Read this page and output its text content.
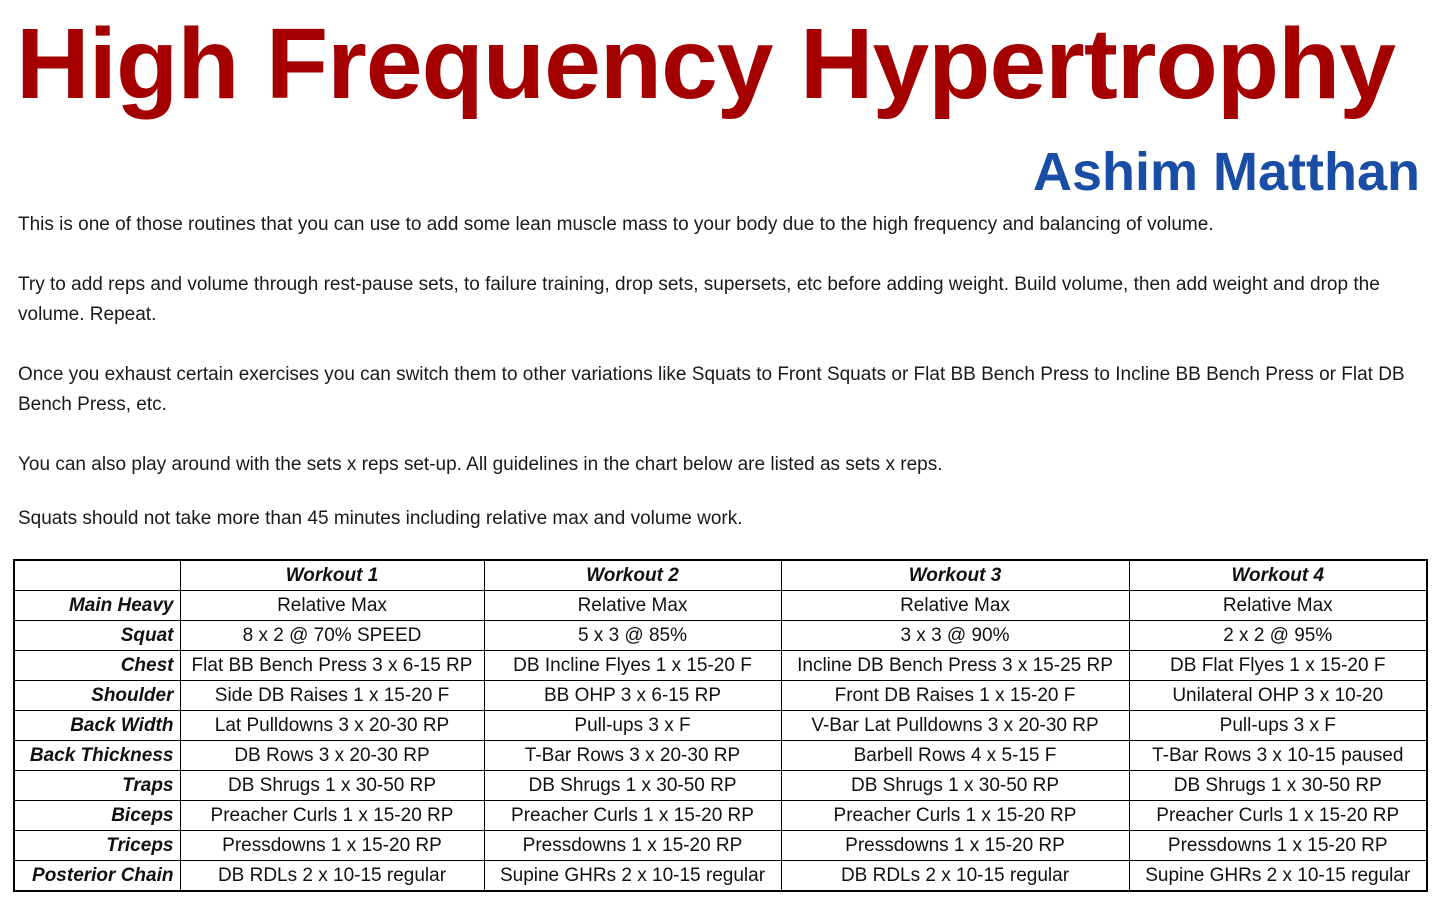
High Frequency Hypertrophy
Ashim Matthan

This is one of those routines that you can use to add some lean muscle mass to your body due to the high frequency and balancing of volume.

Try to add reps and volume through rest-pause sets, to failure training, drop sets, supersets, etc before adding weight. Build volume, then add weight and drop the volume. Repeat.

Once you exhaust certain exercises you can switch them to other variations like Squats to Front Squats or Flat BB Bench Press to Incline BB Bench Press or Flat DB Bench Press, etc.

You can also play around with the sets x reps set-up. All guidelines in the chart below are listed as sets x reps.

Squats should not take more than 45 minutes including relative max and volume work.

	Workout 1	Workout 2	Workout 3	Workout 4
Main Heavy	Relative Max	Relative Max	Relative Max	Relative Max
Squat	8 x 2 @ 70% SPEED	5 x 3 @ 85%	3 x 3 @ 90%	2 x 2 @ 95%
Chest	Flat BB Bench Press 3 x 6-15 RP	DB Incline Flyes 1 x 15-20 F	Incline DB Bench Press 3 x 15-25 RP	DB Flat Flyes 1 x 15-20 F
Shoulder	Side DB Raises 1 x 15-20 F	BB OHP 3 x 6-15 RP	Front DB Raises 1 x 15-20 F	Unilateral OHP 3 x 10-20
Back Width	Lat Pulldowns 3 x 20-30 RP	Pull-ups 3 x F	V-Bar Lat Pulldowns 3 x 20-30 RP	Pull-ups 3 x F
Back Thickness	DB Rows 3 x 20-30 RP	T-Bar Rows 3 x 20-30 RP	Barbell Rows 4 x 5-15 F	T-Bar Rows 3 x 10-15 paused
Traps	DB Shrugs 1 x 30-50 RP	DB Shrugs 1 x 30-50 RP	DB Shrugs 1 x 30-50 RP	DB Shrugs 1 x 30-50 RP
Biceps	Preacher Curls 1 x 15-20 RP	Preacher Curls 1 x 15-20 RP	Preacher Curls 1 x 15-20 RP	Preacher Curls 1 x 15-20 RP
Triceps	Pressdowns 1 x 15-20 RP	Pressdowns 1 x 15-20 RP	Pressdowns 1 x 15-20 RP	Pressdowns 1 x 15-20 RP
Posterior Chain	DB RDLs 2 x 10-15 regular	Supine GHRs 2 x 10-15 regular	DB RDLs 2 x 10-15 regular	Supine GHRs 2 x 10-15 regular
